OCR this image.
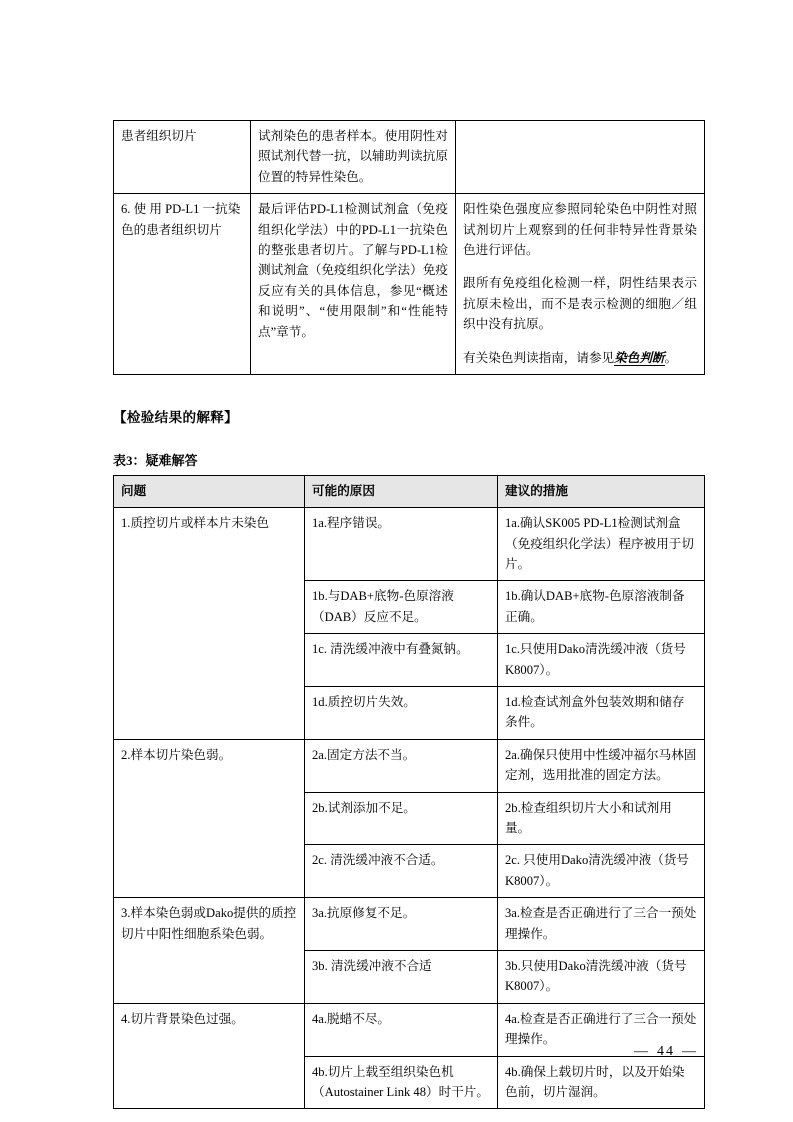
患者组织切片	试剂染色的患者样本。使用阴性对照试剂代替一抗，以辅助判读抗原位置的特异性染色。	
6. 使 用 PD-L1 一抗染色的患者组织切片	最后评估PD-L1检测试剂盒（免疫组织化学法）中的PD-L1一抗染色的整张患者切片。了解与PD-L1检测试剂盒（免疫组织化学法）免疫反应有关的具体信息，参见“概述和说明”、“使用限制”和“性能特点”章节。	阳性染色强度应参照同轮染色中阴性对照试剂切片上观察到的任何非特异性背景染色进行评估。

跟所有免疫组化检测一样，阴性结果表示抗原未检出，而不是表示检测的细胞／组织中没有抗原。

有关染色判读指南，请参见染色判断。

【检验结果的解释】
表3：疑难解答
问题	可能的原因	建议的措施
1.质控切片或样本片未染色	1a.程序错误。	1a.确认SK005 PD-L1检测试剂盒（免疫组织化学法）程序被用于切片。
	1b.与DAB+底物-色原溶液（DAB）反应不足。	1b.确认DAB+底物-色原溶液制备正确。
	1c. 清洗缓冲液中有叠氮钠。	1c.只使用Dako清洗缓冲液（货号K8007）。
	1d.质控切片失效。	1d.检查试剂盒外包装效期和储存条件。
2.样本切片染色弱。	2a.固定方法不当。	2a.确保只使用中性缓冲福尔马林固定剂，选用批准的固定方法。
	2b.试剂添加不足。	2b.检查组织切片大小和试剂用量。
	2c. 清洗缓冲液不合适。	2c. 只使用Dako清洗缓冲液（货号K8007）。
3.样本染色弱或Dako提供的质控切片中阳性细胞系染色弱。	3a.抗原修复不足。	3a.检查是否正确进行了三合一预处理操作。
	3b. 清洗缓冲液不合适	3b.只使用Dako清洗缓冲液（货号K8007）。
4.切片背景染色过强。	4a.脱蜡不尽。	4a.检查是否正确进行了三合一预处理操作。
	4b.切片上载至组织染色机（Autostainer Link 48）时干片。	4b.确保上载切片时，以及开始染色前，切片湿润。
— 44 —
